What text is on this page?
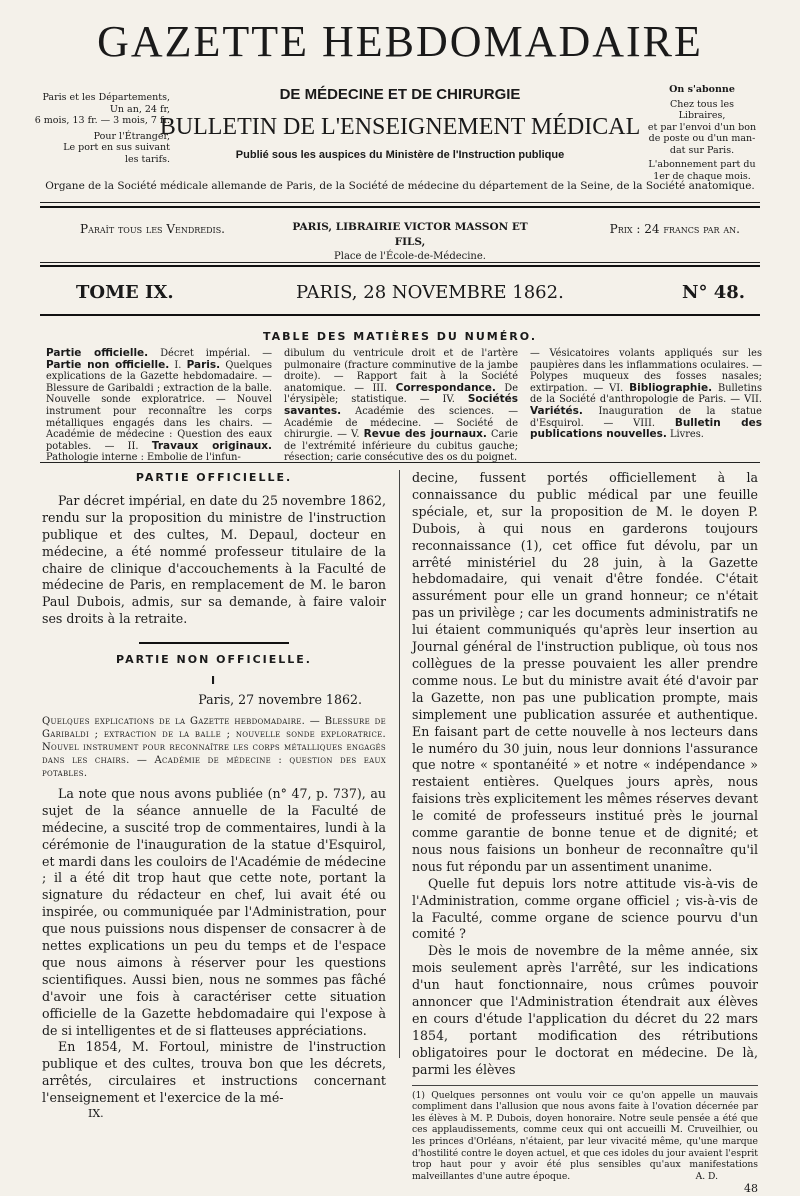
GAZETTE HEBDOMADAIRE
DE MÉDECINE ET DE CHIRURGIE
BULLETIN DE L'ENSEIGNEMENT MÉDICAL
Publié sous les auspices du Ministère de l'Instruction publique

Paris et les Départements,
Un an, 24 fr,
6 mois, 13 fr. — 3 mois, 7 fr.

Pour l'Étranger,
Le port en sus suivant
les tarifs.

On s'abonne

Chez tous les Libraires,
et par l'envoi d'un bon
de poste ou d'un man-
dat sur Paris.

L'abonnement part du
1er de chaque mois.

Organe de la Société médicale allemande de Paris, de la Société de médecine du département de la Seine, de la Société anatomique.
Paraît tous les Vendredis.	PARIS, LIBRAIRIE VICTOR MASSON ET FILS,
Place de l'École-de-Médecine.
Prix : 24 francs par an.
TOME IX.	PARIS, 28 NOVEMBRE 1862.	N° 48.
TABLE DES MATIÈRES DU NUMÉRO.
Partie officielle. Décret impérial. — Partie non officielle. I. Paris. Quelques explications de la Gazette hebdomadaire. — Blessure de Garibaldi ; extraction de la balle. Nouvelle sonde exploratrice. — Nouvel instrument pour reconnaître les corps métalliques engagés dans les chairs. — Académie de médecine : Question des eaux potables. — II. Travaux originaux. Pathologie interne : Embolie de l'infun-
dibulum du ventricule droit et de l'artère pulmonaire (fracture comminutive de la jambe droite). — Rapport fait à la Société anatomique. — III. Correspondance. De l'érysipèle; statistique. — IV. Sociétés savantes. Académie des sciences. — Académie de médecine. — Société de chirurgie. — V. Revue des journaux. Carie de l'extrémité inférieure du cubitus gauche; résection; carie consécutive des os du poignet.
— Vésicatoires volants appliqués sur les paupières dans les inflammations oculaires. — Polypes muqueux des fosses nasales; extirpation. — VI. Bibliographie. Bulletins de la Société d'anthropologie de Paris. — VII. Variétés. Inauguration de la statue d'Esquirol. — VIII. Bulletin des publications nouvelles. Livres.
PARTIE OFFICIELLE.

Par décret impérial, en date du 25 novembre 1862, rendu sur la proposition du ministre de l'instruction publique et des cultes, M. Depaul, docteur en médecine, a été nommé professeur titulaire de la chaire de clinique d'accouchements à la Faculté de médecine de Paris, en remplacement de M. le baron Paul Dubois, admis, sur sa demande, à faire valoir ses droits à la retraite.

PARTIE NON OFFICIELLE.
I
Paris, 27 novembre 1862.
Quelques explications de la Gazette hebdomadaire. — Blessure de Garibaldi ; extraction de la balle ; nouvelle sonde exploratrice. Nouvel instrument pour reconnaître les corps métalliques engagés dans les chairs. — Académie de médecine : question des eaux potables.

La note que nous avons publiée (n° 47, p. 737), au sujet de la séance annuelle de la Faculté de médecine, a suscité trop de commentaires, lundi à la cérémonie de l'inauguration de la statue d'Esquirol, et mardi dans les couloirs de l'Académie de médecine ; il a été dit trop haut que cette note, portant la signature du rédacteur en chef, lui avait été ou inspirée, ou communiquée par l'Administration, pour que nous puissions nous dispenser de consacrer à de nettes explications un peu du temps et de l'espace que nous aimons à réserver pour les questions scientifiques. Aussi bien, nous ne sommes pas fâché d'avoir une fois à caractériser cette situation officielle de la Gazette hebdomadaire qui l'expose à de si intelligentes et de si flatteuses appréciations.

En 1854, M. Fortoul, ministre de l'instruction publique et des cultes, trouva bon que les décrets, arrêtés, circulaires et instructions concernant l'enseignement et l'exercice de la mé-

IX.

decine, fussent portés officiellement à la connaissance du public médical par une feuille spéciale, et, sur la proposition de M. le doyen P. Dubois, à qui nous en garderons toujours reconnaissance (1), cet office fut dévolu, par un arrêté ministériel du 28 juin, à la Gazette hebdomadaire, qui venait d'être fondée. C'était assurément pour elle un grand honneur; ce n'était pas un privilège ; car les documents administratifs ne lui étaient communiqués qu'après leur insertion au Journal général de l'instruction publique, où tous nos collègues de la presse pouvaient les aller prendre comme nous. Le but du ministre avait été d'avoir par la Gazette, non pas une publication prompte, mais simplement une publication assurée et authentique. En faisant part de cette nouvelle à nos lecteurs dans le numéro du 30 juin, nous leur donnions l'assurance que notre « spontanéité » et notre « indépendance » restaient entières. Quelques jours après, nous faisions très explicitement les mêmes réserves devant le comité de professeurs institué près le journal comme garantie de bonne tenue et de dignité; et nous nous faisions un bonheur de reconnaître qu'il nous fut répondu par un assentiment unanime.

Quelle fut depuis lors notre attitude vis-à-vis de l'Administration, comme organe officiel ; vis-à-vis de la Faculté, comme organe de science pourvu d'un comité ?

Dès le mois de novembre de la même année, six mois seulement après l'arrêté, sur les indications d'un haut fonctionnaire, nous crûmes pouvoir annoncer que l'Administration étendrait aux élèves en cours d'étude l'application du décret du 22 mars 1854, portant modification des rétributions obligatoires pour le doctorat en médecine. De là, parmi les élèves

(1) Quelques personnes ont voulu voir ce qu'on appelle un mauvais compliment dans l'allusion que nous avons faite à l'ovation décernée par les élèves à M. P. Dubois, doyen honoraire. Notre seule pensée a été que ces applaudissements, comme ceux qui ont accueilli M. Cruveilhier, ou les princes d'Orléans, n'étaient, par leur vivacité même, qu'une marque d'hostilité contre le doyen actuel, et que ces idoles du jour avaient l'esprit trop haut pour y avoir été plus sensibles qu'aux manifestations malveillantes d'une autre époque.	A. D.
48
